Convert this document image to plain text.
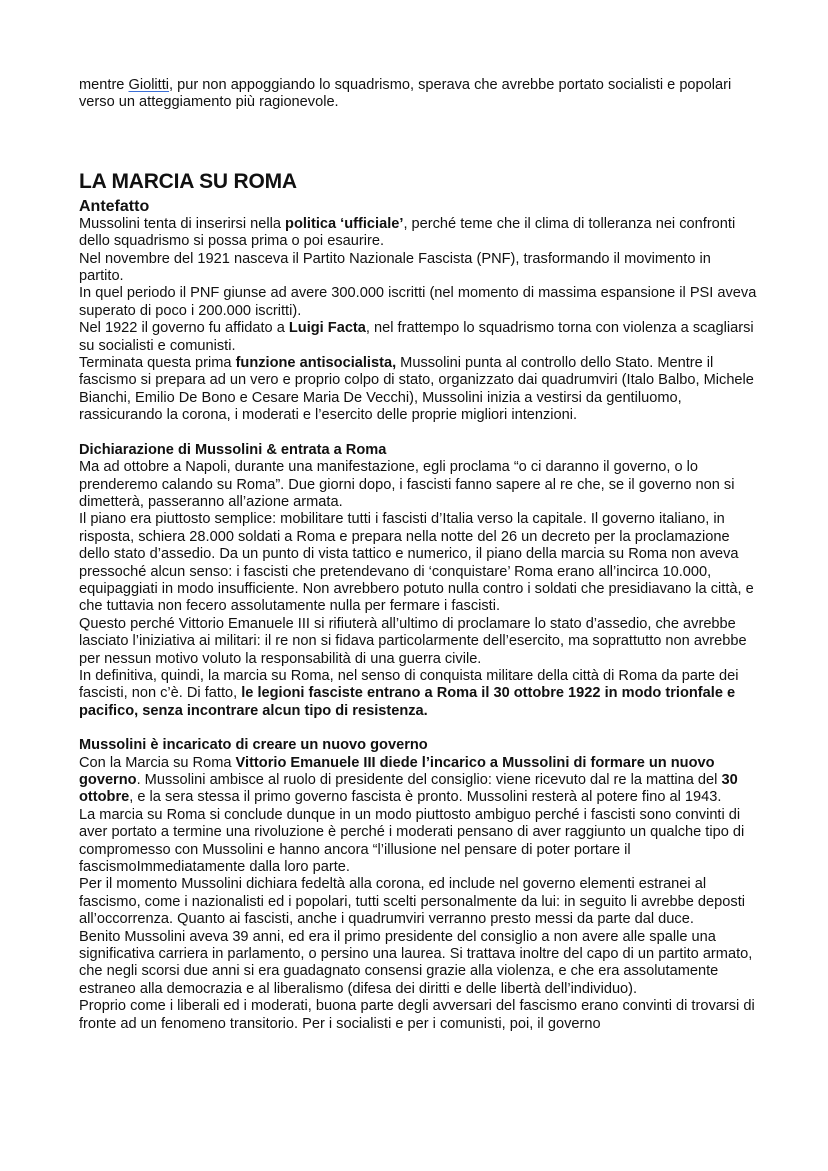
mentre Giolitti, pur non appoggiando lo squadrismo, sperava che avrebbe portato socialisti e popolari verso un atteggiamento più ragionevole.

LA MARCIA SU ROMA
Antefatto

Mussolini tenta di inserirsi nella politica ‘ufficiale’, perché teme che il clima di tolleranza nei confronti dello squadrismo si possa prima o poi esaurire.

Nel novembre del 1921 nasceva il Partito Nazionale Fascista (PNF), trasformando il movimento in partito.

In quel periodo il PNF giunse ad avere 300.000 iscritti (nel momento di massima espansione il PSI aveva superato di poco i 200.000 iscritti).

Nel 1922 il governo fu affidato a Luigi Facta, nel frattempo lo squadrismo torna con violenza a scagliarsi su socialisti e comunisti.

Terminata questa prima funzione antisocialista, Mussolini punta al controllo dello Stato. Mentre il fascismo si prepara ad un vero e proprio colpo di stato, organizzato dai quadrumviri (Italo Balbo, Michele Bianchi, Emilio De Bono e Cesare Maria De Vecchi), Mussolini inizia a vestirsi da gentiluomo, rassicurando la corona, i moderati e l’esercito delle proprie migliori intenzioni.

Dichiarazione di Mussolini & entrata a Roma

Ma ad ottobre a Napoli, durante una manifestazione, egli proclama “o ci daranno il governo, o lo prenderemo calando su Roma”. Due giorni dopo, i fascisti fanno sapere al re che, se il governo non si dimetterà, passeranno all’azione armata.

Il piano era piuttosto semplice: mobilitare tutti i fascisti d’Italia verso la capitale. Il governo italiano, in risposta, schiera 28.000 soldati a Roma e prepara nella notte del 26 un decreto per la proclamazione dello stato d’assedio. Da un punto di vista tattico e numerico, il piano della marcia su Roma non aveva pressoché alcun senso: i fascisti che pretendevano di ‘conquistare’ Roma erano all’incirca 10.000, equipaggiati in modo insufficiente. Non avrebbero potuto nulla contro i soldati che presidiavano la città, e che tuttavia non fecero assolutamente nulla per fermare i fascisti.

Questo perché Vittorio Emanuele III si rifiuterà all’ultimo di proclamare lo stato d’assedio, che avrebbe lasciato l’iniziativa ai militari: il re non si fidava particolarmente dell’esercito, ma soprattutto non avrebbe per nessun motivo voluto la responsabilità di una guerra civile.

In definitiva, quindi, la marcia su Roma, nel senso di conquista militare della città di Roma da parte dei fascisti, non c’è. Di fatto, le legioni fasciste entrano a Roma il 30 ottobre 1922 in modo trionfale e pacifico, senza incontrare alcun tipo di resistenza.

Mussolini è incaricato di creare un nuovo governo

Con la Marcia su Roma Vittorio Emanuele III diede l’incarico a Mussolini di formare un nuovo governo. Mussolini ambisce al ruolo di presidente del consiglio: viene ricevuto dal re la mattina del 30 ottobre, e la sera stessa il primo governo fascista è pronto. Mussolini resterà al potere fino al 1943.

La marcia su Roma si conclude dunque in un modo piuttosto ambiguo perché i fascisti sono convinti di aver portato a termine una rivoluzione è perché i moderati pensano di aver raggiunto un qualche tipo di compromesso con Mussolini e hanno ancora “l’illusione nel pensare di poter portare il fascismoImmediatamente dalla loro parte.

Per il momento Mussolini dichiara fedeltà alla corona, ed include nel governo elementi estranei al fascismo, come i nazionalisti ed i popolari, tutti scelti personalmente da lui: in seguito li avrebbe deposti all’occorrenza. Quanto ai fascisti, anche i quadrumviri verranno presto messi da parte dal duce.

Benito Mussolini aveva 39 anni, ed era il primo presidente del consiglio a non avere alle spalle una significativa carriera in parlamento, o persino una laurea. Si trattava inoltre del capo di un partito armato, che negli scorsi due anni si era guadagnato consensi grazie alla violenza, e che era assolutamente estraneo alla democrazia e al liberalismo (difesa dei diritti e delle libertà dell’individuo).

Proprio come i liberali ed i moderati, buona parte degli avversari del fascismo erano convinti di trovarsi di fronte ad un fenomeno transitorio. Per i socialisti e per i comunisti, poi, il governo
